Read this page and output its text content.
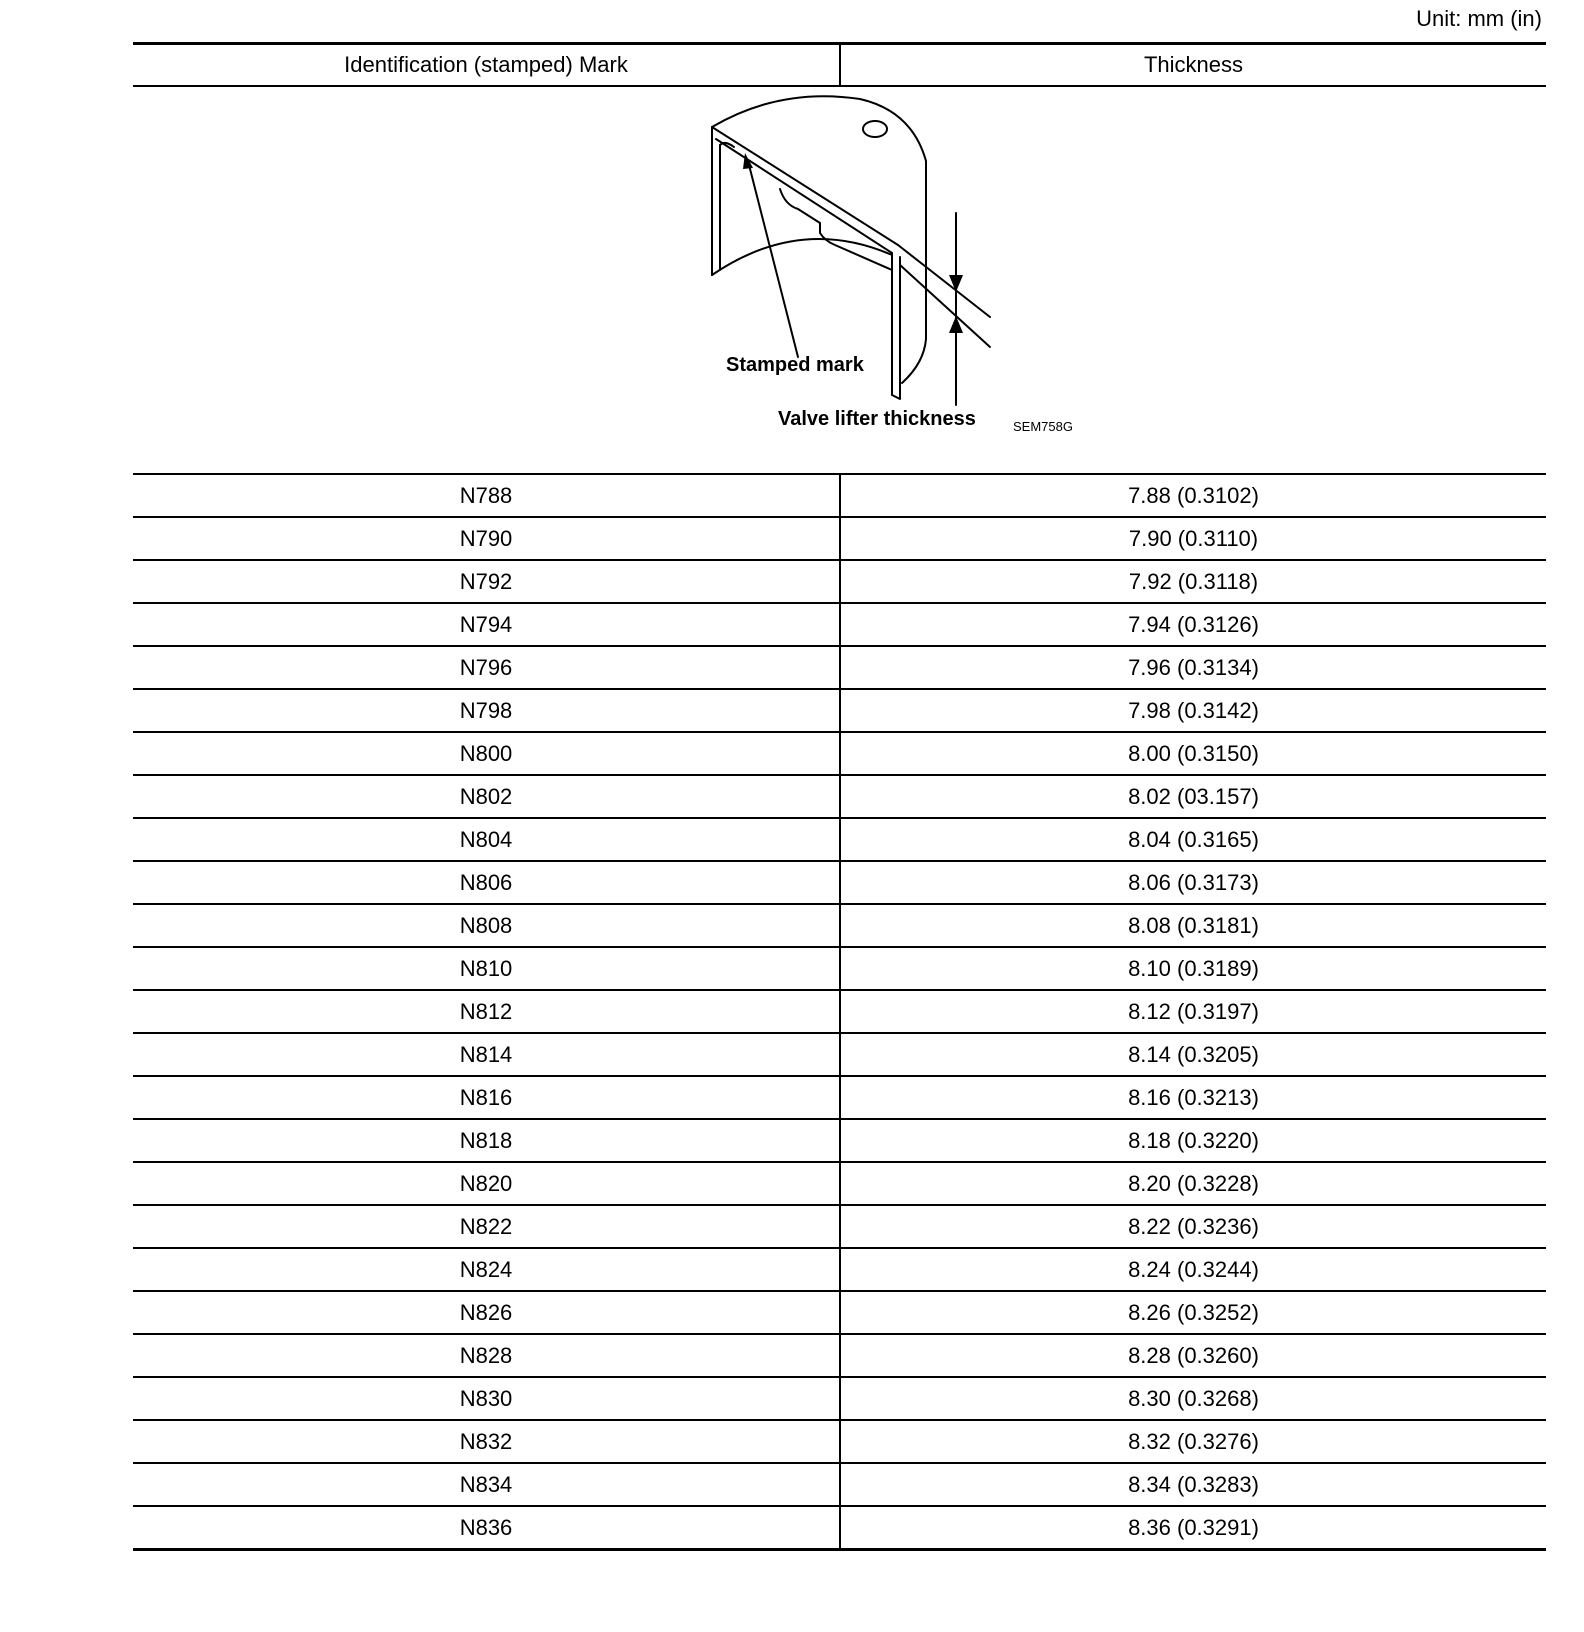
Unit: mm (in)
Identification (stamped) Mark	Thickness

Stamped mark
Valve lifter thickness SEM758G	

N788	7.88 (0.3102)
N790	7.90 (0.3110)
N792	7.92 (0.3118)
N794	7.94 (0.3126)
N796	7.96 (0.3134)
N798	7.98 (0.3142)
N800	8.00 (0.3150)
N802	8.02 (03.157)
N804	8.04 (0.3165)
N806	8.06 (0.3173)
N808	8.08 (0.3181)
N810	8.10 (0.3189)
N812	8.12 (0.3197)
N814	8.14 (0.3205)
N816	8.16 (0.3213)
N818	8.18 (0.3220)
N820	8.20 (0.3228)
N822	8.22 (0.3236)
N824	8.24 (0.3244)
N826	8.26 (0.3252)
N828	8.28 (0.3260)
N830	8.30 (0.3268)
N832	8.32 (0.3276)
N834	8.34 (0.3283)
N836	8.36 (0.3291)
